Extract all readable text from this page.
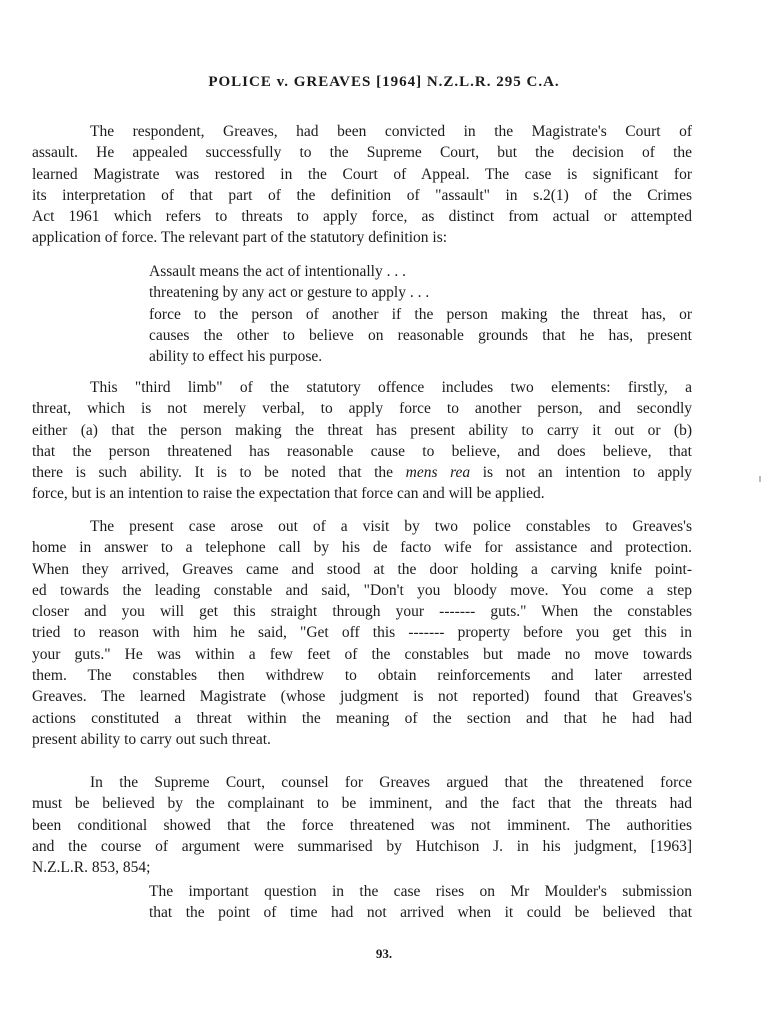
POLICE v. GREAVES [1964] N.Z.L.R. 295 C.A.
The respondent, Greaves, had been convicted in the Magistrate's Court of
assault. He appealed successfully to the Supreme Court, but the decision of the
learned Magistrate was restored in the Court of Appeal. The case is significant for
its interpretation of that part of the definition of "assault" in s.2(1) of the Crimes
Act 1961 which refers to threats to apply force, as distinct from actual or attempted
application of force. The relevant part of the statutory definition is:
Assault means the act of intentionally . . .
threatening by any act or gesture to apply . . .
force to the person of another if the person making the threat has, or
causes the other to believe on reasonable grounds that he has, present
ability to effect his purpose.
This "third limb" of the statutory offence includes two elements: firstly, a
threat, which is not merely verbal, to apply force to another person, and secondly
either (a) that the person making the threat has present ability to carry it out or (b)
that the person threatened has reasonable cause to believe, and does believe, that
there is such ability. It is to be noted that the mens rea is not an intention to apply
force, but is an intention to raise the expectation that force can and will be applied.
The present case arose out of a visit by two police constables to Greaves's
home in answer to a telephone call by his de facto wife for assistance and protection.
When they arrived, Greaves came and stood at the door holding a carving knife point-
ed towards the leading constable and said, "Don't you bloody move. You come a step
closer and you will get this straight through your ------- guts." When the constables
tried to reason with him he said, "Get off this ------- property before you get this in
your guts." He was within a few feet of the constables but made no move towards
them. The constables then withdrew to obtain reinforcements and later arrested
Greaves. The learned Magistrate (whose judgment is not reported) found that Greaves's
actions constituted a threat within the meaning of the section and that he had had
present ability to carry out such threat.
In the Supreme Court, counsel for Greaves argued that the threatened force
must be believed by the complainant to be imminent, and the fact that the threats had
been conditional showed that the force threatened was not imminent. The authorities
and the course of argument were summarised by Hutchison J. in his judgment, [1963]
N.Z.L.R. 853, 854;
The important question in the case rises on Mr Moulder's submission
that the point of time had not arrived when it could be believed that
93.
